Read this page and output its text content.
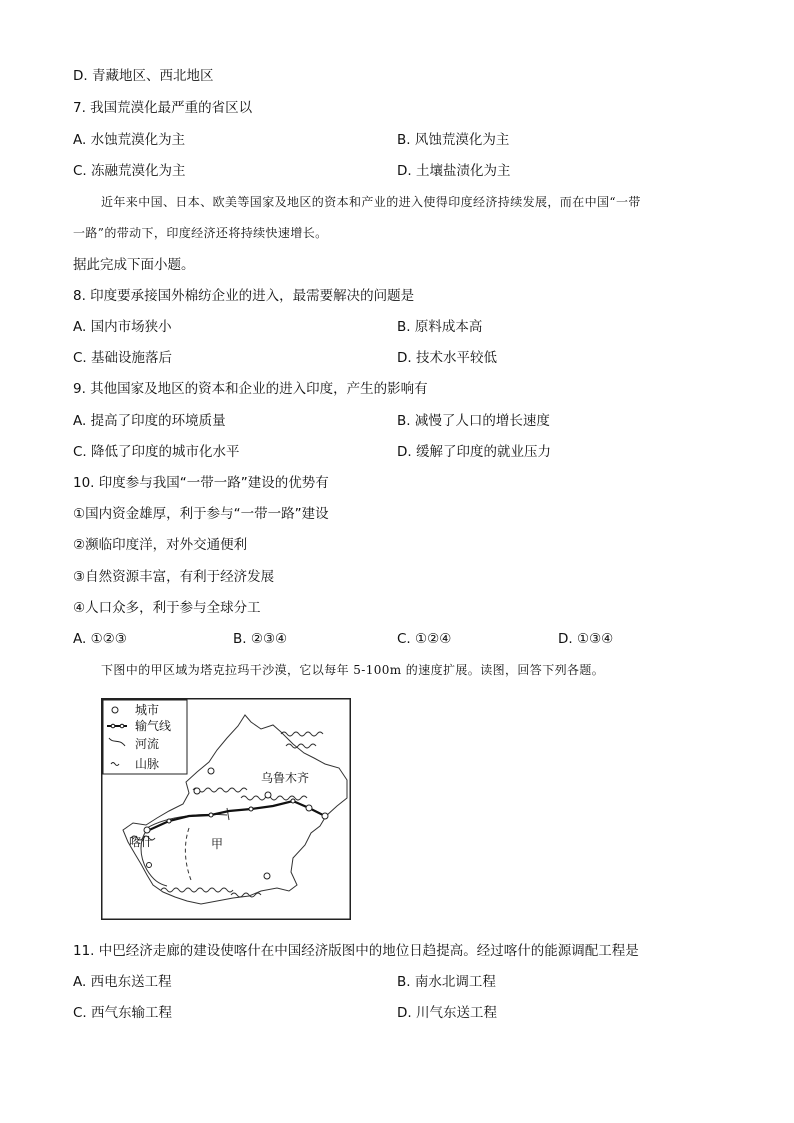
D. 青藏地区、西北地区
7. 我国荒漠化最严重的省区以
A. 水蚀荒漠化为主	B. 风蚀荒漠化为主
C. 冻融荒漠化为主	D. 土壤盐渍化为主
近年来中国、日本、欧美等国家及地区的资本和产业的进入使得印度经济持续发展，而在中国“一带
一路”的带动下，印度经济还将持续快速增长。
据此完成下面小题。
8. 印度要承接国外棉纺企业的进入，最需要解决的问题是
A. 国内市场狭小	B. 原料成本高
C. 基础设施落后	D. 技术水平较低
9. 其他国家及地区的资本和企业的进入印度，产生的影响有
A. 提高了印度的环境质量	B. 减慢了人口的增长速度
C. 降低了印度的城市化水平	D. 缓解了印度的就业压力
10. 印度参与我国“一带一路”建设的优势有
①国内资金雄厚，利于参与“一带一路”建设
②濒临印度洋，对外交通便利
③自然资源丰富，有利于经济发展
④人口众多，利于参与全球分工
A. ①②③	B. ②③④	C. ①②④	D. ①③④
下图中的甲区域为塔克拉玛干沙漠，它以每年 5-100m 的速度扩展。读图，回答下列各题。
城市
输气线
河流
山脉
乌鲁木齐
喀什	甲
11. 中巴经济走廊的建设使喀什在中国经济版图中的地位日趋提高。经过喀什的能源调配工程是
A. 西电东送工程	B. 南水北调工程
C. 西气东输工程	D. 川气东送工程
